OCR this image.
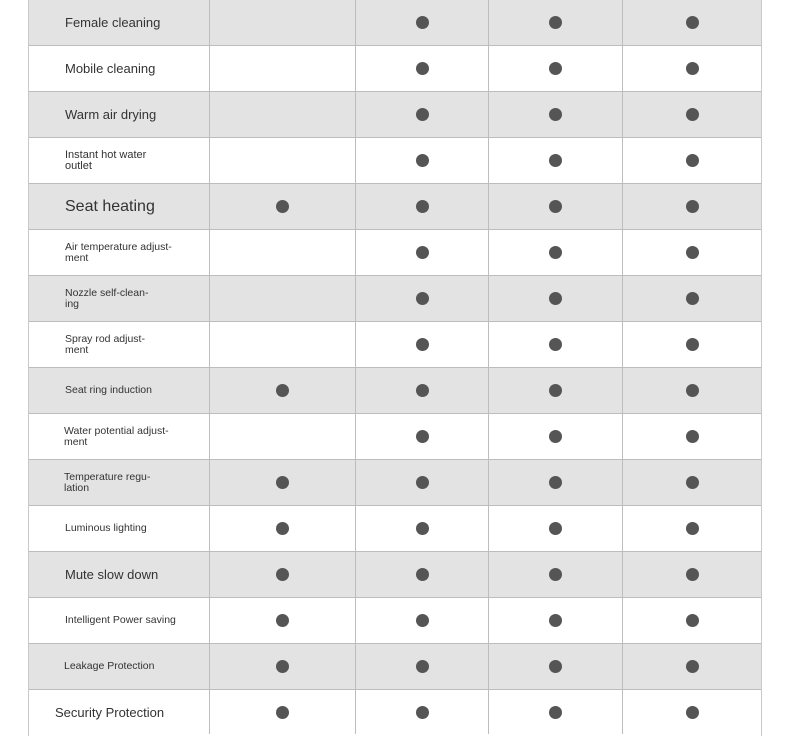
Female cleaning
Mobile cleaning
Warm air drying
Instant hot water
outlet
Seat heating
Air temperature adjust-
ment
Nozzle self-clean-
ing
Spray rod adjust-
ment
Seat ring induction
Water potential adjust-
ment
Temperature regu-
lation
Luminous lighting
Mute slow down
Intelligent Power saving
Leakage Protection
Security Protection
